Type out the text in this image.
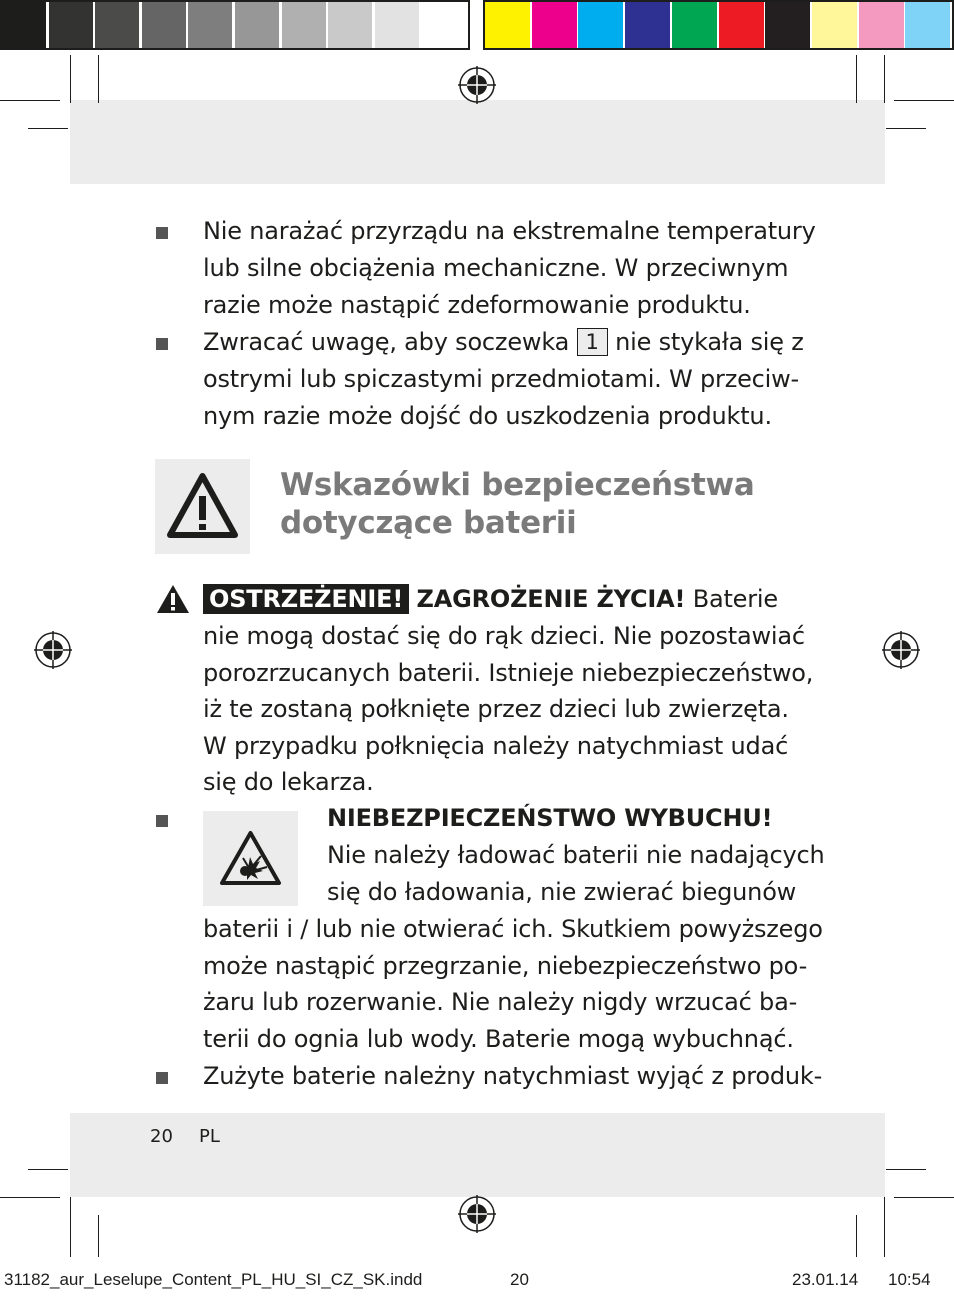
Nie narażać przyrządu na ekstremalne temperatury
lub silne obciążenia mechaniczne. W przeciwnym
razie może nastąpić zdeformowanie produktu.
Zwracać uwagę, aby soczewka 1 nie stykała się z
ostrymi lub spiczastymi przedmiotami. W przeciw-
nym razie może dojść do uszkodzenia produktu.
Wskazówki bezpieczeństwa
dotyczące baterii
OSTRZEŻENIE! ZAGROŻENIE ŻYCIA! Baterie
nie mogą dostać się do rąk dzieci. Nie pozostawiać
porozrzucanych baterii. Istnieje niebezpieczeństwo,
iż te zostaną połknięte przez dzieci lub zwierzęta.
W przypadku połknięcia należy natychmiast udać
się do lekarza.
NIEBEZPIECZEŃSTWO WYBUCHU!
Nie należy ładować baterii nie nadających
się do ładowania, nie zwierać biegunów
baterii i / lub nie otwierać ich. Skutkiem powyższego
może nastąpić przegrzanie, niebezpieczeństwo po-
żaru lub rozerwanie. Nie należy nigdy wrzucać ba-
terii do ognia lub wody. Baterie mogą wybuchnąć.
Zużyte baterie należny natychmiast wyjąć z produk-
20 PL
31182_aur_Leselupe_Content_PL_HU_SI_CZ_SK.indd	20	23.01.14 10:54
